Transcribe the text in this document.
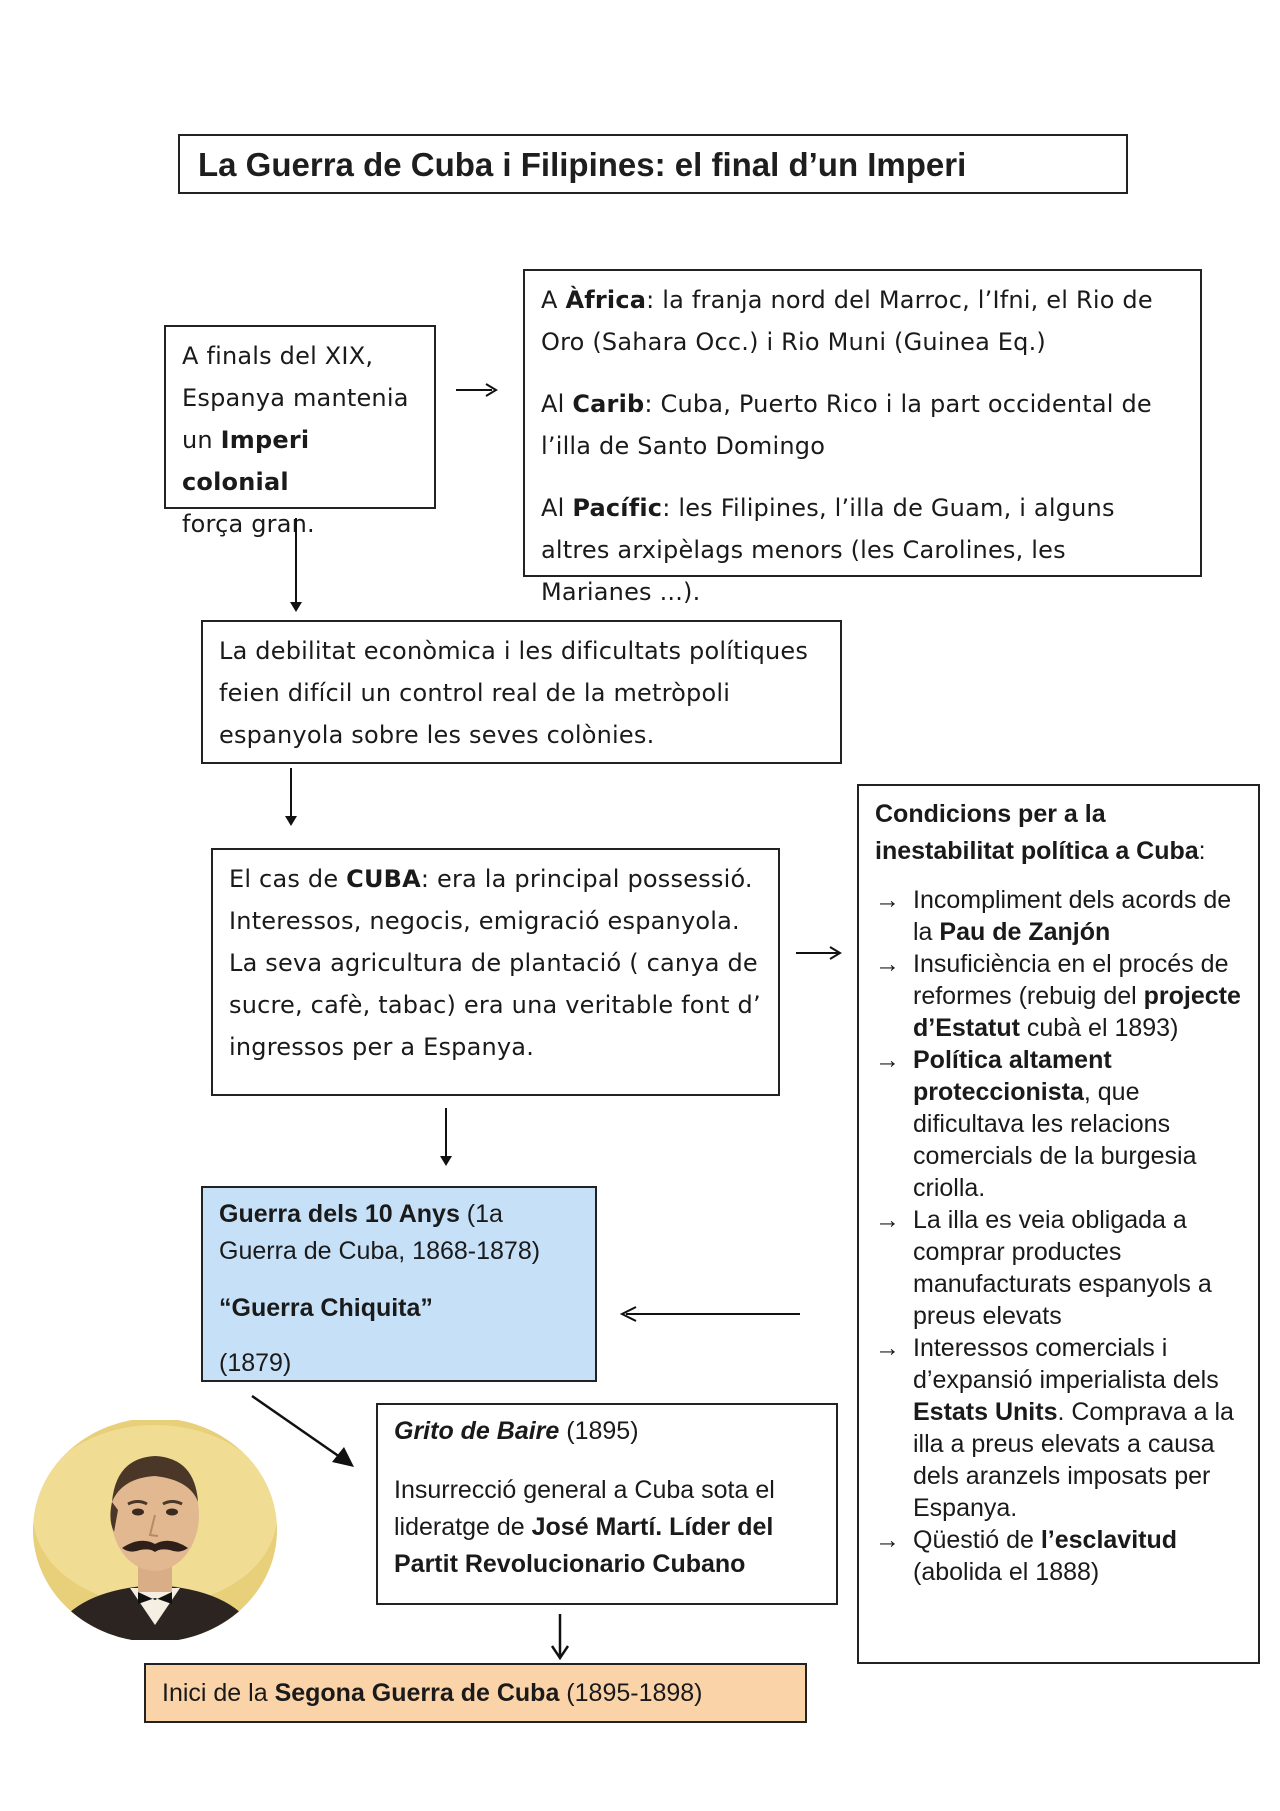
La Guerra de Cuba i Filipines: el final d’un Imperi

A finals del XIX,

Espanya mantenia

un Imperi colonial

força gran.

A Àfrica: la franja nord del Marroc, l’Ifni, el Rio de Oro (Sahara Occ.) i Rio Muni (Guinea Eq.)

Al Carib: Cuba, Puerto Rico i la part occidental de l’illa de Santo Domingo

Al Pacífic: les Filipines, l’illa de Guam, i alguns altres arxipèlags menors (les Carolines, les Marianes ...).

La debilitat econòmica i les dificultats polítiques feien difícil un control real de la metròpoli espanyola sobre les seves colònies.

El cas de CUBA: era la principal possessió. Interessos, negocis, emigració espanyola. La seva agricultura de plantació ( canya de sucre, cafè, tabac) era una veritable font d’ ingressos per a Espanya.

Condicions per a la inestabilitat política a Cuba:

→ Incompliment dels acords de la Pau de Zanjón
→ Insuficiència en el procés de reformes (rebuig del projecte d’Estatut cubà el 1893)
→ Política altament proteccionista, que dificultava les relacions comercials de la burgesia criolla.
→ La illa es veia obligada a comprar productes manufacturats espanyols a preus elevats
→ Interessos comercials i d’expansió imperialista dels Estats Units. Comprava a la illa a preus elevats a causa dels aranzels imposats per Espanya.
→ Qüestió de l’esclavitud (abolida el 1888)

Guerra dels 10 Anys (1a Guerra de Cuba, 1868-1878)

“Guerra Chiquita”

(1879)

Grito de Baire (1895)

Insurrecció general a Cuba sota el lideratge de José Martí. Líder del Partit Revolucionario Cubano

Inici de la Segona Guerra de Cuba (1895-1898)
